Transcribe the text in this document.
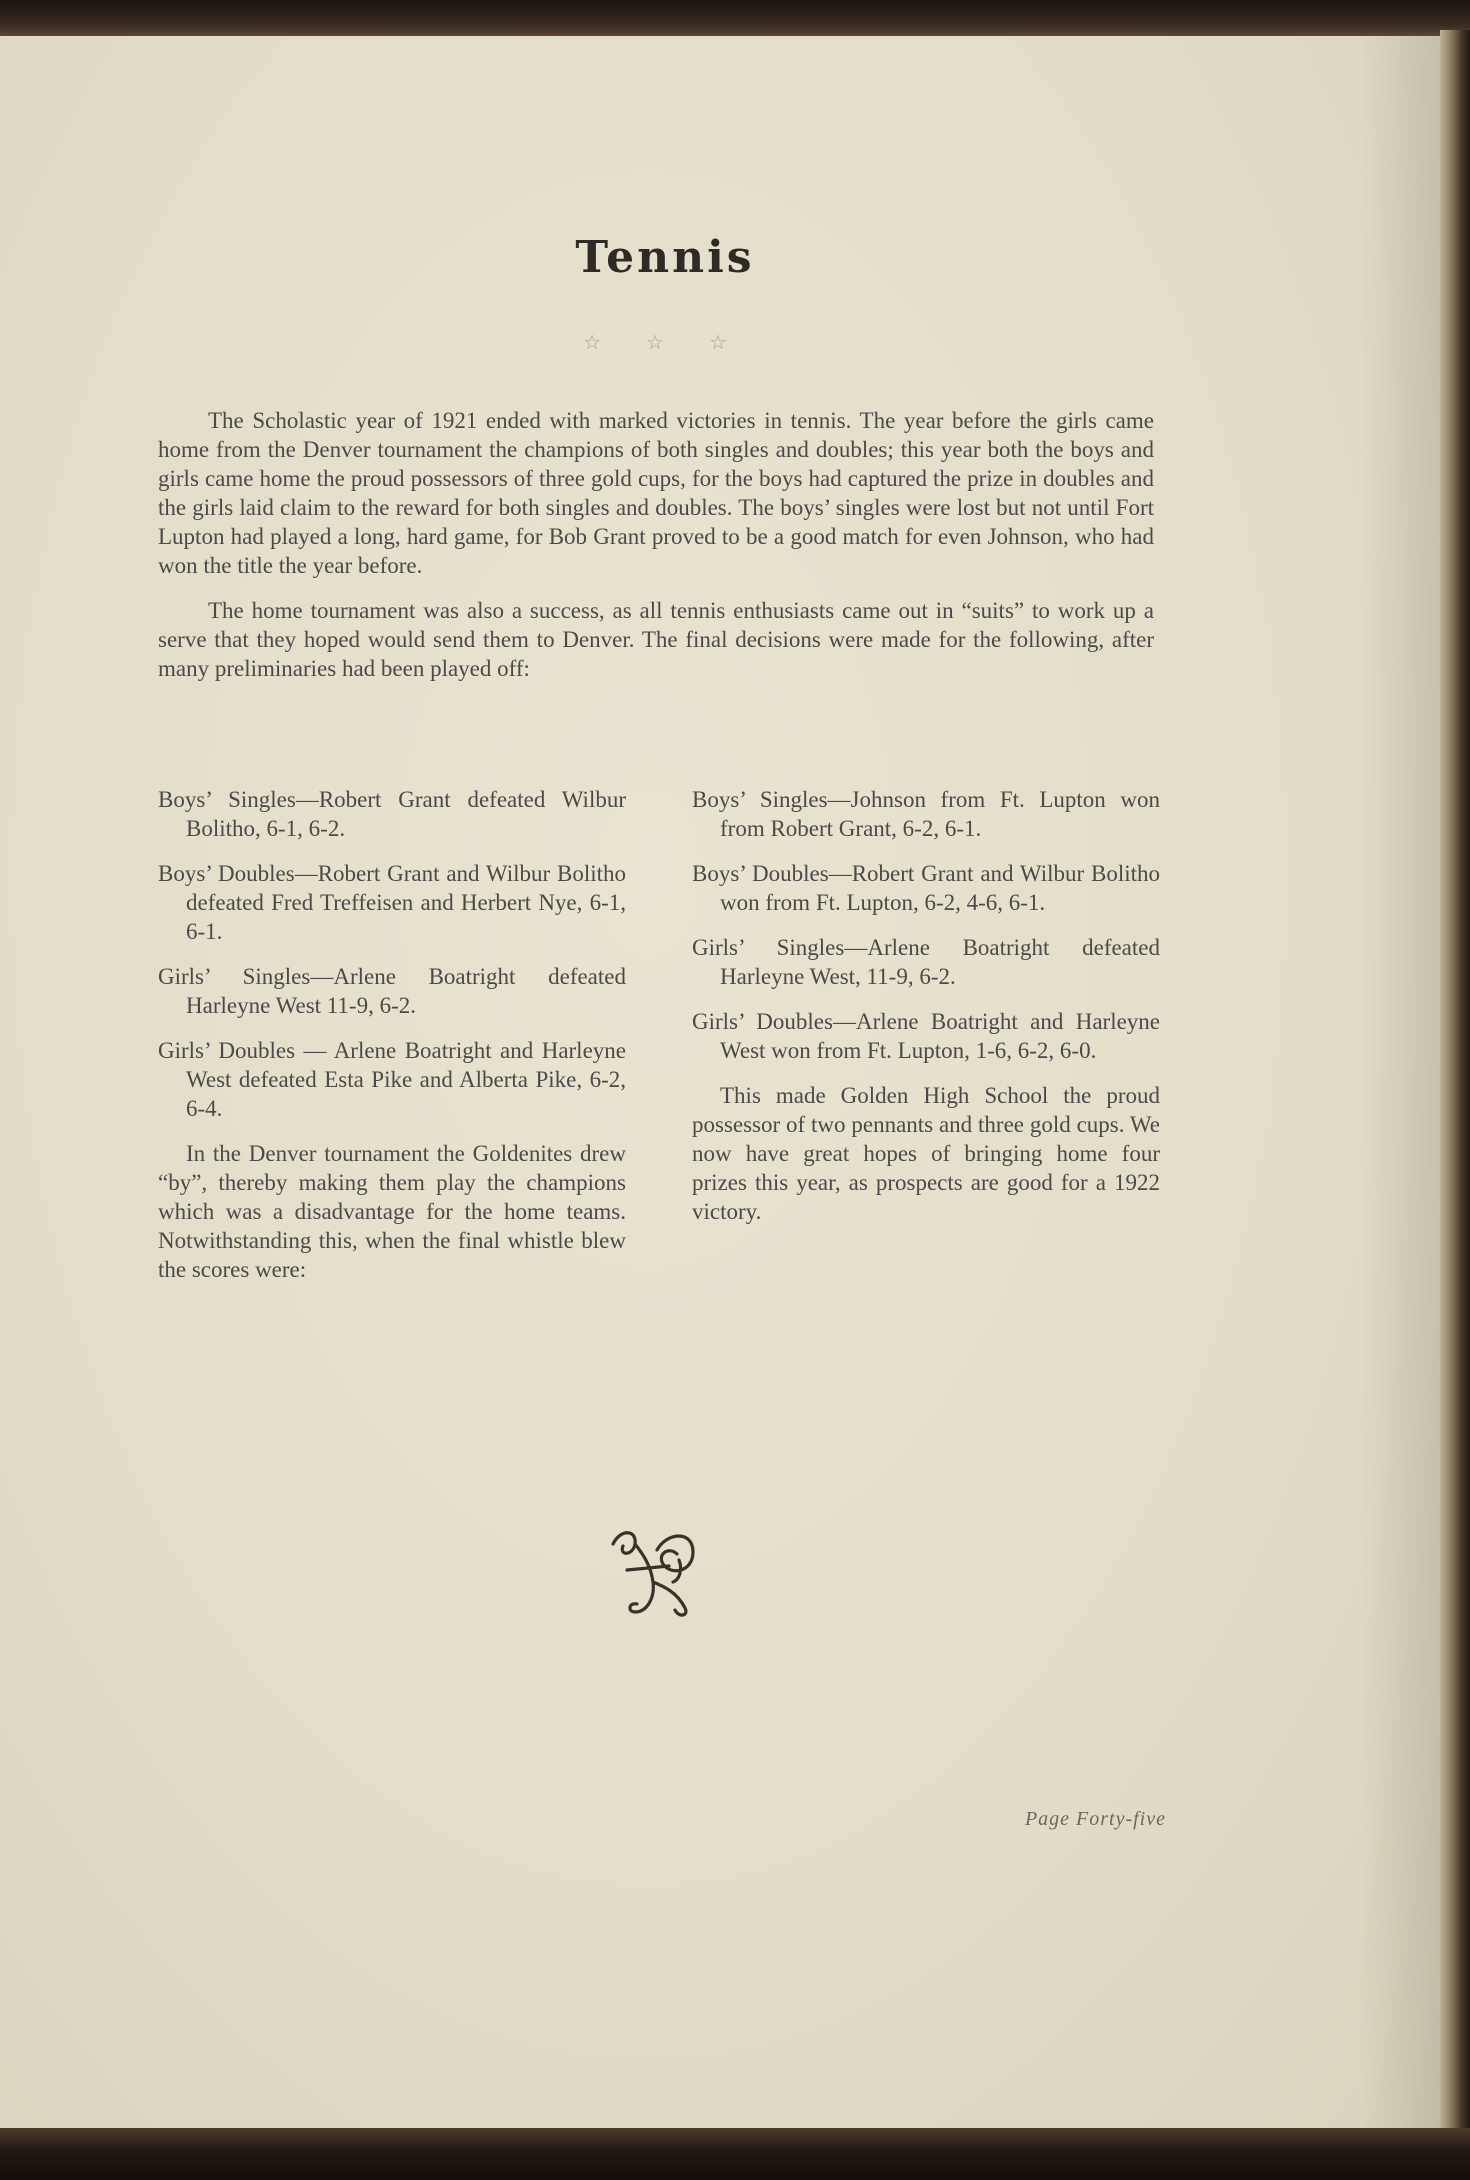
Tennis
☆ ☆ ☆

The Scholastic year of 1921 ended with marked victories in tennis. The year before the girls came home from the Denver tournament the champions of both singles and doubles; this year both the boys and girls came home the proud possessors of three gold cups, for the boys had captured the prize in doubles and the girls laid claim to the reward for both singles and doubles. The boys’ singles were lost but not until Fort Lupton had played a long, hard game, for Bob Grant proved to be a good match for even Johnson, who had won the title the year before.

The home tournament was also a success, as all tennis enthusiasts came out in “suits” to work up a serve that they hoped would send them to Denver. The final decisions were made for the following, after many preliminaries had been played off:

Boys’ Singles—Robert Grant defeated Wilbur Bolitho, 6-1, 6-2.

Boys’ Doubles—Robert Grant and Wilbur Bolitho defeated Fred Treffeisen and Herbert Nye, 6-1, 6-1.

Girls’ Singles—Arlene Boatright defeated Harleyne West 11-9, 6-2.

Girls’ Doubles — Arlene Boatright and Harleyne West defeated Esta Pike and Alberta Pike, 6-2, 6-4.

In the Denver tournament the Goldenites drew “by”, thereby making them play the champions which was a disadvantage for the home teams. Notwithstanding this, when the final whistle blew the scores were:

Boys’ Singles—Johnson from Ft. Lupton won from Robert Grant, 6-2, 6-1.

Boys’ Doubles—Robert Grant and Wilbur Bolitho won from Ft. Lupton, 6-2, 4-6, 6-1.

Girls’ Singles—Arlene Boatright defeated Harleyne West, 11-9, 6-2.

Girls’ Doubles—Arlene Boatright and Harleyne West won from Ft. Lupton, 1-6, 6-2, 6-0.

This made Golden High School the proud possessor of two pennants and three gold cups. We now have great hopes of bringing home four prizes this year, as prospects are good for a 1922 victory.

Page Forty-five
